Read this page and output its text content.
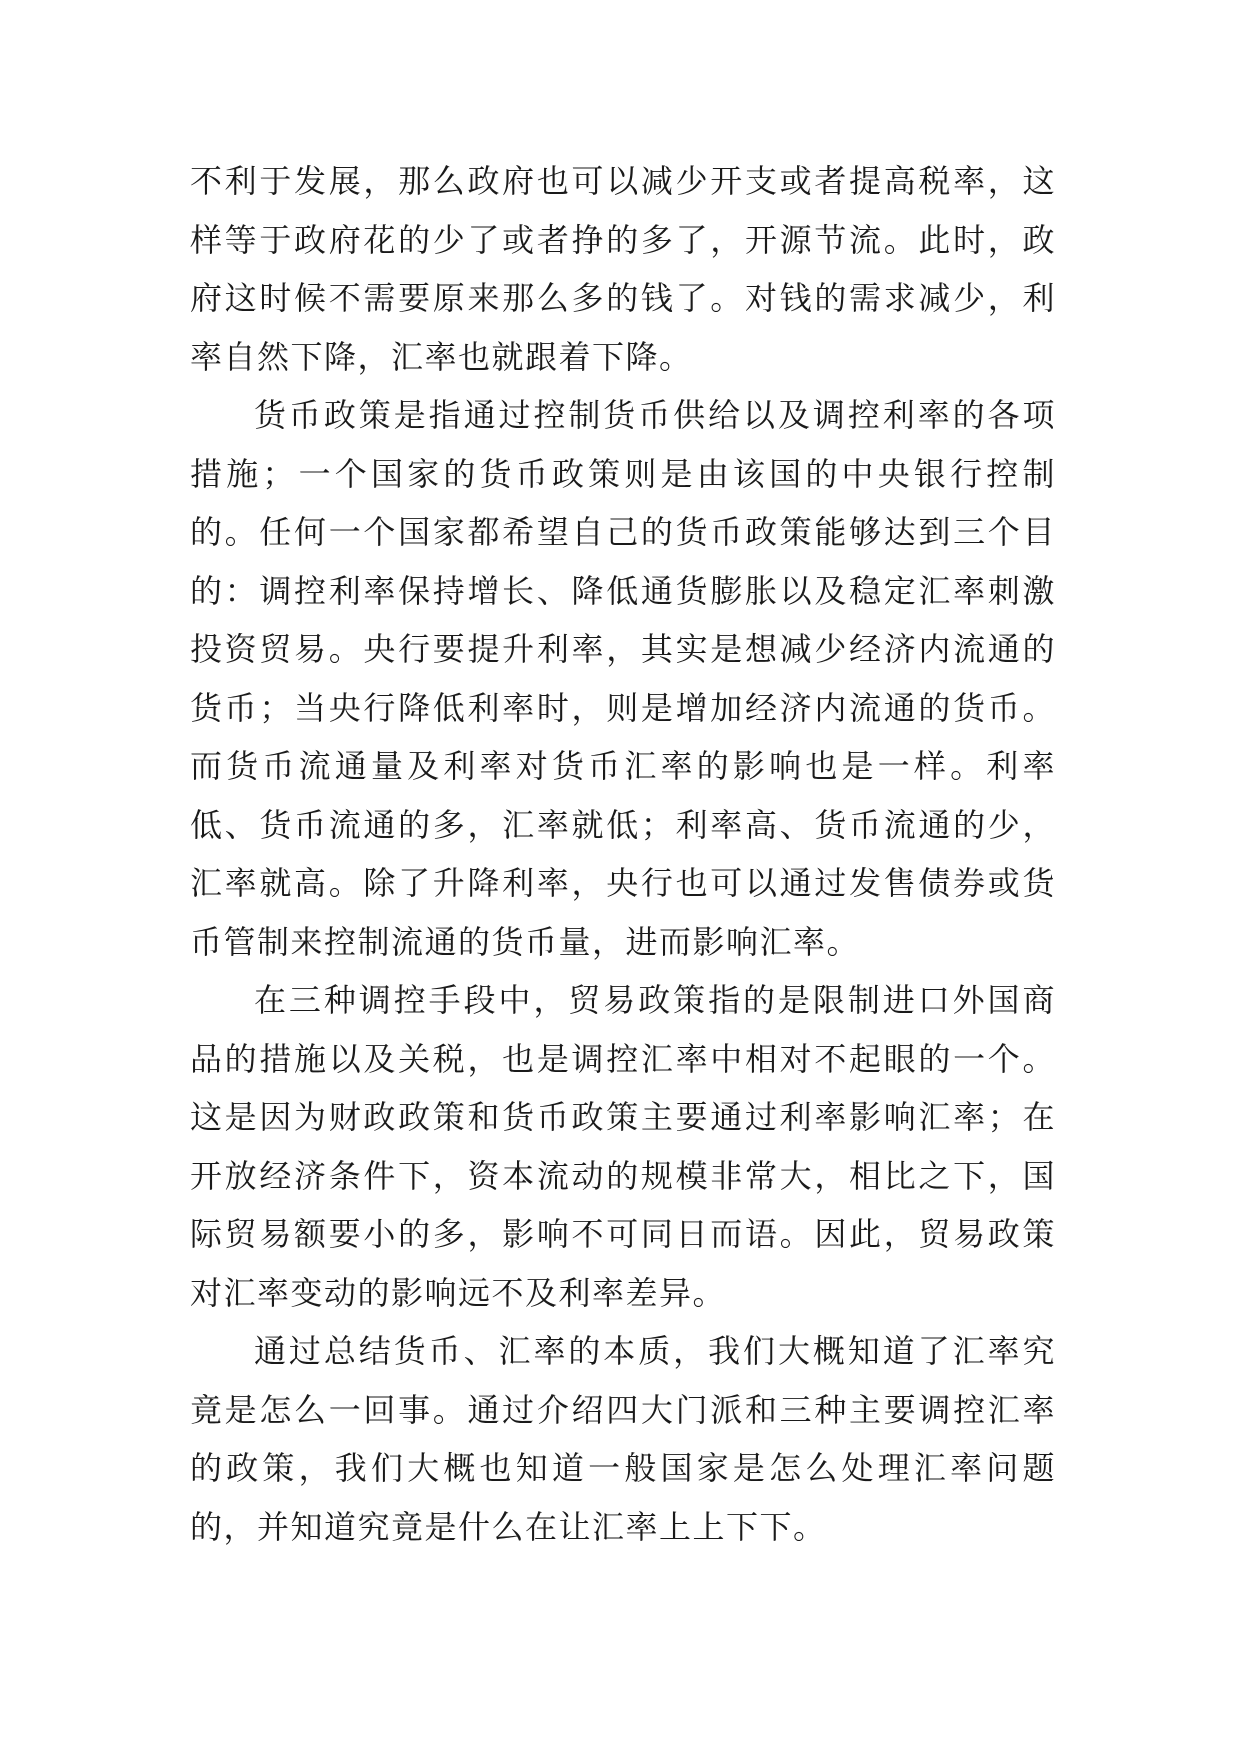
不利于发展，那么政府也可以减少开支或者提高税率，这样等于政府花的少了或者挣的多了，开源节流。此时，政府这时候不需要原来那么多的钱了。对钱的需求减少，利率自然下降，汇率也就跟着下降。

货币政策是指通过控制货币供给以及调控利率的各项措施；一个国家的货币政策则是由该国的中央银行控制的。任何一个国家都希望自己的货币政策能够达到三个目的：调控利率保持增长、降低通货膨胀以及稳定汇率刺激投资贸易。央行要提升利率，其实是想减少经济内流通的货币；当央行降低利率时，则是增加经济内流通的货币。而货币流通量及利率对货币汇率的影响也是一样。利率低、货币流通的多，汇率就低；利率高、货币流通的少，汇率就高。除了升降利率，央行也可以通过发售债券或货币管制来控制流通的货币量，进而影响汇率。

在三种调控手段中，贸易政策指的是限制进口外国商品的措施以及关税，也是调控汇率中相对不起眼的一个。这是因为财政政策和货币政策主要通过利率影响汇率；在开放经济条件下，资本流动的规模非常大，相比之下，国际贸易额要小的多，影响不可同日而语。因此，贸易政策对汇率变动的影响远不及利率差异。

通过总结货币、汇率的本质，我们大概知道了汇率究竟是怎么一回事。通过介绍四大门派和三种主要调控汇率的政策，我们大概也知道一般国家是怎么处理汇率问题的，并知道究竟是什么在让汇率上上下下。
